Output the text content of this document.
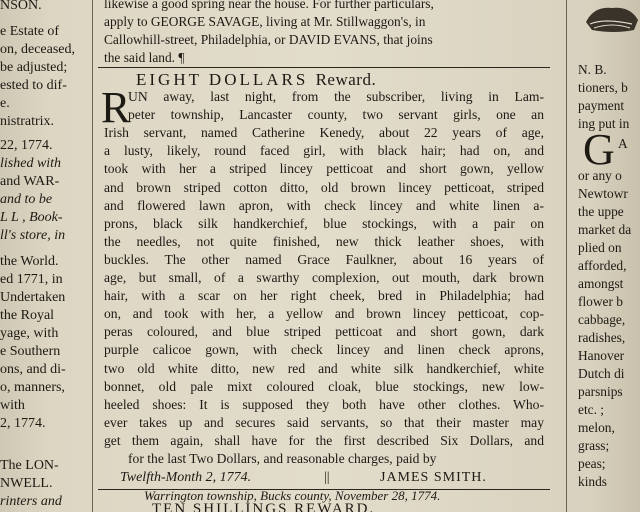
NSON.
e Estate of
on, deceased,
be adjusted;
ested to dif-
e.
nistratrix.
22, 1774.
lished with
and WAR-
and to be
L L , Book-
ll's store, in
the World.
ed 1771, in
Undertaken
the Royal
yage, with
e Southern
ons, and di-
o, manners,
with
2, 1774.
The LON-
NWELL.
rinters and
likewise a good spring near the house. For further particulars,
apply to GEORGE SAVAGE, living at Mr. Stillwaggon's, in
Callowhill-street, Philadelphia, or DAVID EVANS, that joins
the said land. ¶
EIGHT DOLLARS Reward.
R
UN away, last night, from the subscriber, living in Lam-
peter township, Lancaster county, two servant girls, one an
Irish servant, named Catherine Kenedy, about 22 years of age,
a lusty, likely, round faced girl, with black hair; had on, and
took with her a striped lincey petticoat and short gown, yellow
and brown striped cotton ditto, old brown lincey petticoat, striped
and flowered lawn apron, with check lincey and white linen a-
prons, black silk handkerchief, blue stockings, with a pair on
the needles, not quite finished, new thick leather shoes, with
buckles. The other named Grace Faulkner, about 16 years of
age, but small, of a swarthy complexion, out mouth, dark brown
hair, with a scar on her right cheek, bred in Philadelphia; had
on, and took with her, a yellow and brown lincey petticoat, cop-
peras coloured, and blue striped petticoat and short gown, dark
purple calicoe gown, with check lincey and linen check aprons,
two old white ditto, new red and white silk handkerchief, white
bonnet, old pale mixt coloured cloak, blue stockings, new low-
heeled shoes: It is supposed they both have other clothes. Who-
ever takes up and secures said servants, so that their master may
get them again, shall have for the first described Six Dollars, and
for the last Two Dollars, and reasonable charges, paid by
Twelfth-Month 2, 1774.	||	JAMES SMITH.
Warrington township, Bucks county, November 28, 1774.
TEN SHILLINGS REWARD.
G
N. B.
tioners, b
payment
ing put in
A
or any o
Newtowr
the uppe
market da
plied on
afforded,
amongst
flower b
cabbage,
radishes,
Hanover
Dutch di
parsnips
etc. ;
melon,
grass;
peas;
kinds
